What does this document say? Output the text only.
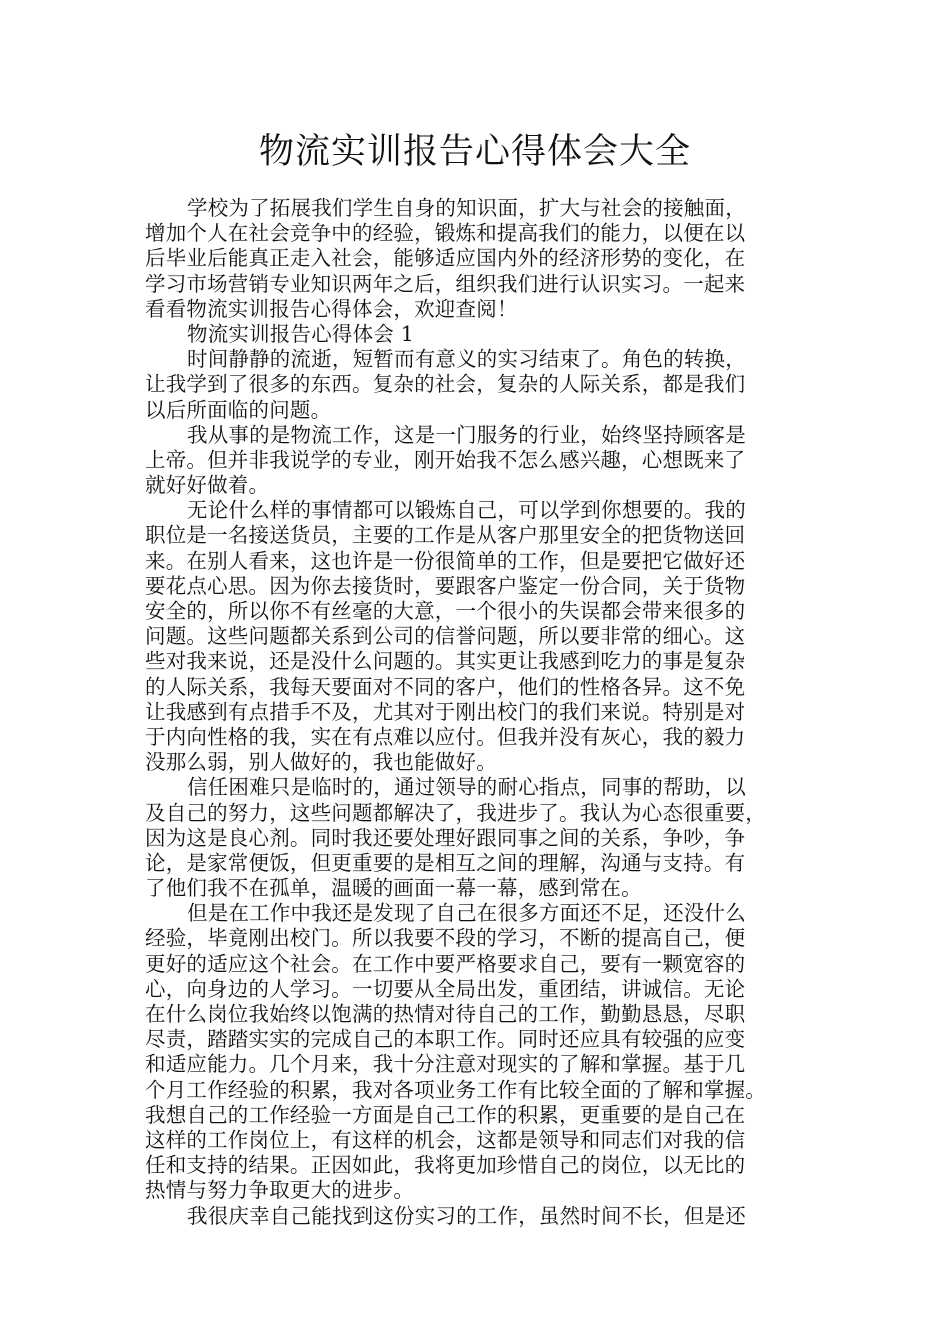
物流实训报告心得体会大全
学校为了拓展我们学生自身的知识面，扩大与社会的接触面，
增加个人在社会竞争中的经验，锻炼和提高我们的能力，以便在以
后毕业后能真正走入社会，能够适应国内外的经济形势的变化，在
学习市场营销专业知识两年之后，组织我们进行认识实习。一起来
看看物流实训报告心得体会，欢迎查阅！
物流实训报告心得体会 1
时间静静的流逝，短暂而有意义的实习结束了。角色的转换，
让我学到了很多的东西。复杂的社会，复杂的人际关系，都是我们
以后所面临的问题。
我从事的是物流工作，这是一门服务的行业，始终坚持顾客是
上帝。但并非我说学的专业，刚开始我不怎么感兴趣，心想既来了
就好好做着。
无论什么样的事情都可以锻炼自己，可以学到你想要的。我的
职位是一名接送货员，主要的工作是从客户那里安全的把货物送回
来。在别人看来，这也许是一份很简单的工作，但是要把它做好还
要花点心思。因为你去接货时，要跟客户鉴定一份合同，关于货物
安全的，所以你不有丝毫的大意，一个很小的失误都会带来很多的
问题。这些问题都关系到公司的信誉问题，所以要非常的细心。这
些对我来说，还是没什么问题的。其实更让我感到吃力的事是复杂
的人际关系，我每天要面对不同的客户，他们的性格各异。这不免
让我感到有点措手不及，尤其对于刚出校门的我们来说。特别是对
于内向性格的我，实在有点难以应付。但我并没有灰心，我的毅力
没那么弱，别人做好的，我也能做好。
信任困难只是临时的，通过领导的耐心指点，同事的帮助，以
及自己的努力，这些问题都解决了，我进步了。我认为心态很重要，
因为这是良心剂。同时我还要处理好跟同事之间的关系，争吵，争
论，是家常便饭，但更重要的是相互之间的理解，沟通与支持。有
了他们我不在孤单，温暖的画面一幕一幕，感到常在。
但是在工作中我还是发现了自己在很多方面还不足，还没什么
经验，毕竟刚出校门。所以我要不段的学习，不断的提高自己，便
更好的适应这个社会。在工作中要严格要求自己，要有一颗宽容的
心，向身边的人学习。一切要从全局出发，重团结，讲诚信。无论
在什么岗位我始终以饱满的热情对待自己的工作，勤勤恳恳，尽职
尽责，踏踏实实的完成自己的本职工作。同时还应具有较强的应变
和适应能力。几个月来，我十分注意对现实的了解和掌握。基于几
个月工作经验的积累，我对各项业务工作有比较全面的了解和掌握。
我想自己的工作经验一方面是自己工作的积累，更重要的是自己在
这样的工作岗位上，有这样的机会，这都是领导和同志们对我的信
任和支持的结果。正因如此，我将更加珍惜自己的岗位，以无比的
热情与努力争取更大的进步。
我很庆幸自己能找到这份实习的工作，虽然时间不长，但是还
